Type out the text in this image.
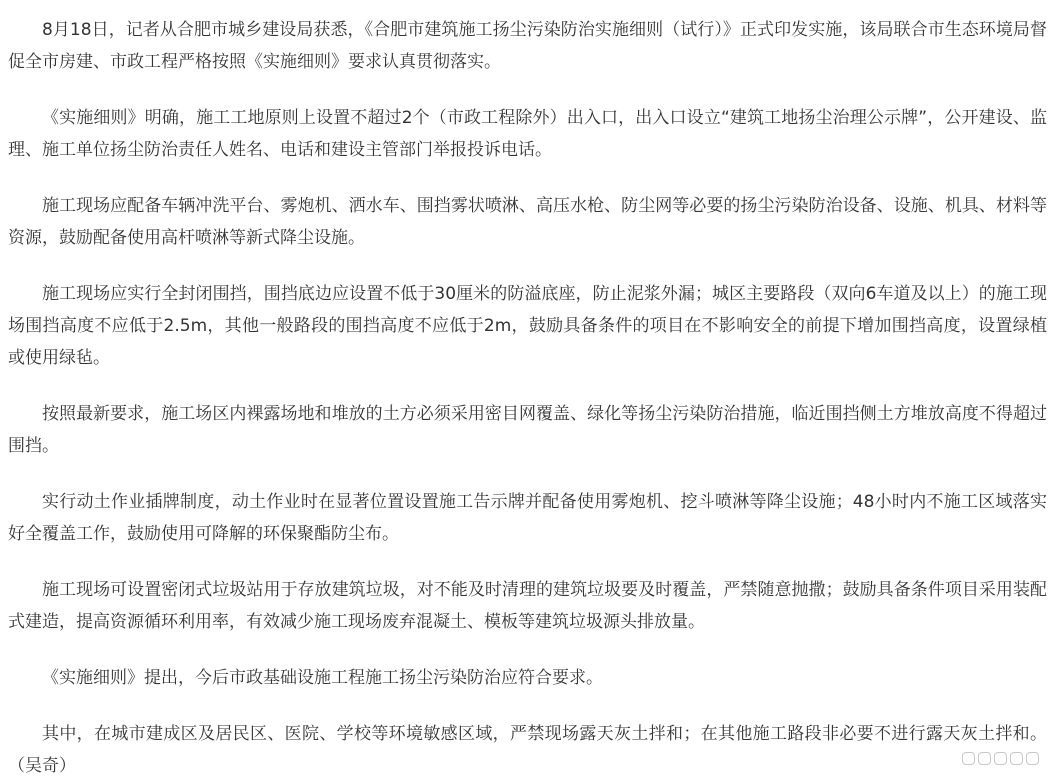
8月18日，记者从合肥市城乡建设局获悉，《合肥市建筑施工扬尘污染防治实施细则（试行）》正式印发实施，该局联合市生态环境局督促全市房建、市政工程严格按照《实施细则》要求认真贯彻落实。

《实施细则》明确，施工工地原则上设置不超过2个（市政工程除外）出入口，出入口设立“建筑工地扬尘治理公示牌”，公开建设、监理、施工单位扬尘防治责任人姓名、电话和建设主管部门举报投诉电话。

施工现场应配备车辆冲洗平台、雾炮机、洒水车、围挡雾状喷淋、高压水枪、防尘网等必要的扬尘污染防治设备、设施、机具、材料等资源，鼓励配备使用高杆喷淋等新式降尘设施。

施工现场应实行全封闭围挡，围挡底边应设置不低于30厘米的防溢底座，防止泥浆外漏；城区主要路段（双向6车道及以上）的施工现场围挡高度不应低于2.5m，其他一般路段的围挡高度不应低于2m，鼓励具备条件的项目在不影响安全的前提下增加围挡高度，设置绿植或使用绿毡。

按照最新要求，施工场区内裸露场地和堆放的土方必须采用密目网覆盖、绿化等扬尘污染防治措施，临近围挡侧土方堆放高度不得超过围挡。

实行动土作业插牌制度，动土作业时在显著位置设置施工告示牌并配备使用雾炮机、挖斗喷淋等降尘设施；48小时内不施工区域落实好全覆盖工作，鼓励使用可降解的环保聚酯防尘布。

施工现场可设置密闭式垃圾站用于存放建筑垃圾，对不能及时清理的建筑垃圾要及时覆盖，严禁随意抛撒；鼓励具备条件项目采用装配式建造，提高资源循环利用率，有效减少施工现场废弃混凝土、模板等建筑垃圾源头排放量。

《实施细则》提出，今后市政基础设施工程施工扬尘污染防治应符合要求。

其中，在城市建成区及居民区、医院、学校等环境敏感区域，严禁现场露天灰土拌和；在其他施工路段非必要不进行露天灰土拌和。（吴奇）
